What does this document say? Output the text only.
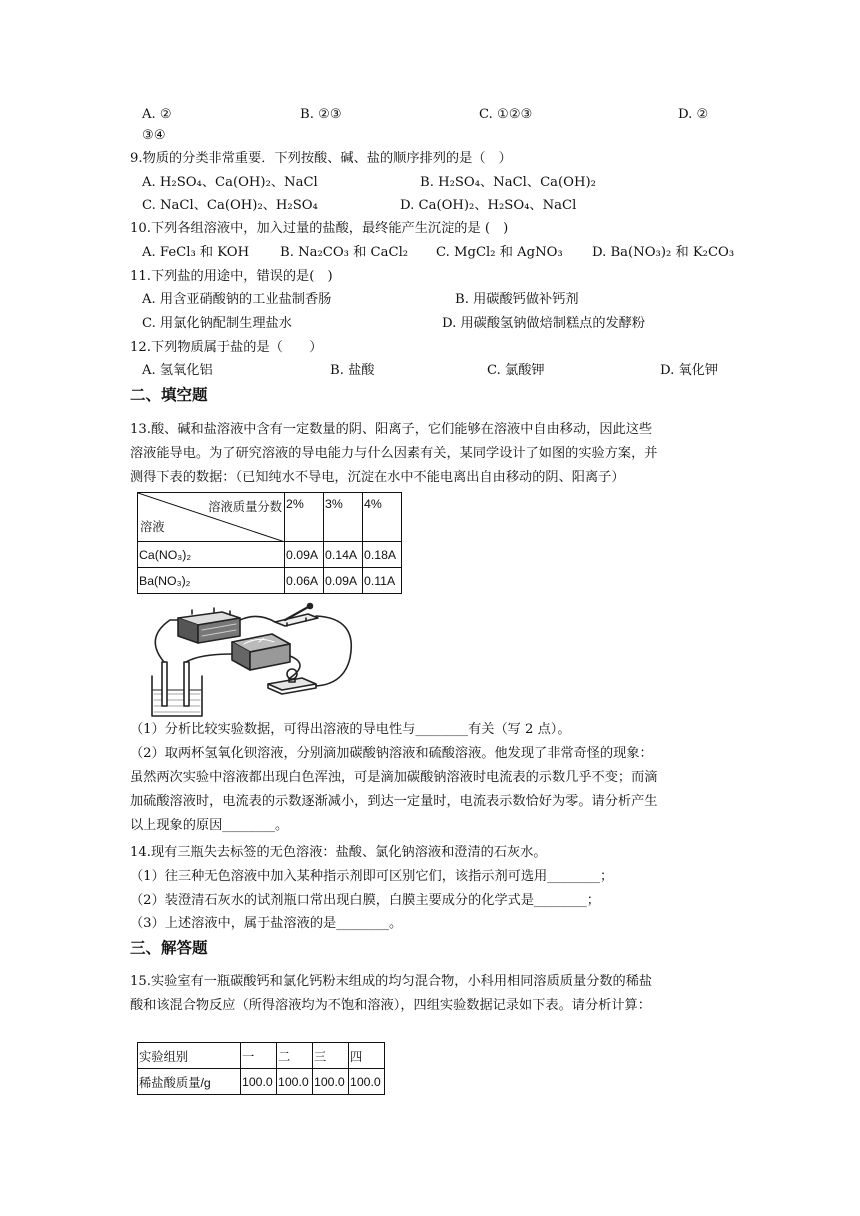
A. ②	B. ②③	C. ①②③	D. ②
③④
9.物质的分类非常重要．下列按酸、碱、盐的顺序排列的是（　）
A. H₂SO₄、Ca(OH)₂、NaCl	B. H₂SO₄、NaCl、Ca(OH)₂
C. NaCl、Ca(OH)₂、H₂SO₄	D. Ca(OH)₂、H₂SO₄、NaCl
10.下列各组溶液中，加入过量的盐酸，最终能产生沉淀的是 (　)
A. FeCl₃ 和 KOH B. Na₂CO₃ 和 CaCl₂ C. MgCl₂ 和 AgNO₃ D. Ba(NO₃)₂ 和 K₂CO₃
11.下列盐的用途中，错误的是(　)
A. 用含亚硝酸钠的工业盐制香肠	B. 用碳酸钙做补钙剂
C. 用氯化钠配制生理盐水	D. 用碳酸氢钠做焙制糕点的发酵粉
12.下列物质属于盐的是（　　）
A. 氢氧化铝	B. 盐酸	C. 氯酸钾	D. 氧化钾
二、填空题
13.酸、碱和盐溶液中含有一定数量的阴、阳离子，它们能够在溶液中自由移动，因此这些
溶液能导电。为了研究溶液的导电能力与什么因素有关，某同学设计了如图的实验方案，并
测得下表的数据：（已知纯水不导电，沉淀在水中不能电离出自由移动的阴、阳离子）
溶液质量分数
溶液	2%	3%	4%
Ca(NO₃)₂	0.09A	0.14A	0.18A
Ba(NO₃)₂	0.06A	0.09A	0.11A
（1）分析比较实验数据，可得出溶液的导电性与________有关（写 2 点）。
（2）取两杯氢氧化钡溶液，分别滴加碳酸钠溶液和硫酸溶液。他发现了非常奇怪的现象：
虽然两次实验中溶液都出现白色浑浊，可是滴加碳酸钠溶液时电流表的示数几乎不变；而滴
加硫酸溶液时，电流表的示数逐渐减小，到达一定量时，电流表示数恰好为零。请分析产生
以上现象的原因________。
14.现有三瓶失去标签的无色溶液：盐酸、氯化钠溶液和澄清的石灰水。
（1）往三种无色溶液中加入某种指示剂即可区别它们，该指示剂可选用________；
（2）装澄清石灰水的试剂瓶口常出现白膜，白膜主要成分的化学式是________；
（3）上述溶液中，属于盐溶液的是________。
三、解答题
15.实验室有一瓶碳酸钙和氯化钙粉末组成的均匀混合物，小科用相同溶质质量分数的稀盐
酸和该混合物反应（所得溶液均为不饱和溶液），四组实验数据记录如下表。请分析计算：
实验组别	一	二	三	四
稀盐酸质量/g	100.0	100.0	100.0	100.0
